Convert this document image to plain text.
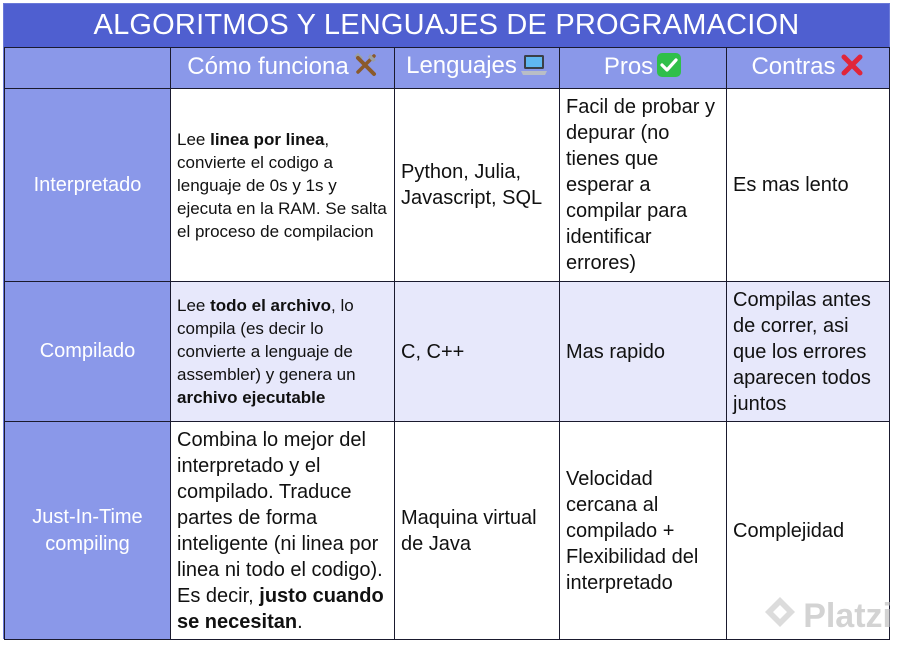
ALGORITMOS Y LENGUAJES DE PROGRAMACION
	Cómo funciona	Lenguajes	Pros	Contras
Interpretado	Lee linea por linea, convierte el codigo a lenguaje de 0s y 1s y ejecuta en la RAM. Se salta el proceso de compilacion	Python, Julia, Javascript, SQL	Facil de probar y depurar (no tienes que esperar a compilar para identificar errores)	Es mas lento
Compilado	Lee todo el archivo, lo compila (es decir lo convierte a lenguaje de assembler) y genera un archivo ejecutable	C, C++	Mas rapido	Compilas antes de correr, asi que los errores aparecen todos juntos
Just-In-Time compiling	Combina lo mejor del interpretado y el compilado. Traduce partes de forma inteligente (ni linea por linea ni todo el codigo). Es decir, justo cuando se necesitan.	Maquina virtual de Java	Velocidad cercana al compilado + Flexibilidad del interpretado	Complejidad
Platzi
